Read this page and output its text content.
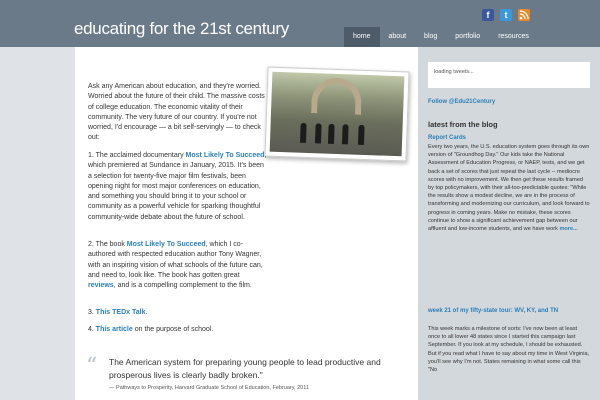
educating for the 21st century
f	t
home	about	blog	portfolio	resources
Ask any American about education, and they're worried. Worried about the future of their child. The massive costs of college education. The economic vitality of their community. The very future of our country. If you're not worried, I'd encourage — a bit self-servingly — to check out:
1. The acclaimed documentary Most Likely To Succeed, which premiered at Sundance in January, 2015. It's been a selection for twenty-five major film festivals, been opening night for most major conferences on education, and something you should bring it to your school or community as a powerful vehicle for sparking thoughtful community-wide debate about the future of school.
2. The book Most Likely To Succeed, which I co-authored with respected education author Tony Wagner, with an inspiring vision of what schools of the future can, and need to, look like. The book has gotten great reviews, and is a compelling complement to the film.
3. This TEDx Talk.
4. This article on the purpose of school.
“ The American system for preparing young people to lead productive and prosperous lives is clearly badly broken."
— Pathways to Prosperity, Harvard Graduate School of Education, February, 2011
loading tweets...
Follow @Edu21Century
latest from the blog
Report Cards
Every two years, the U.S. education system goes through its own version of "Groundhog Day." Our kids take the National Assessment of Education Progress, or NAEP, tests, and we get back a set of scores that just repeat the last cycle -- mediocre scores with no improvement. We then get these results framed by top policymakers, with their all-too-predictable quotes: "While the results show a modest decline, we are in the process of transforming and modernizing our curriculum, and look forward to progress in coming years. Make no mistake, these scores continue to show a significant achievement gap between our affluent and low-income students, and we have work more...
week 21 of my fifty-state tour: WV, KY, and TN
This week marks a milestone of sorts: I've now been at least once to all lower 48 states since I started this campaign last September. If you look at my schedule, I should be exhausted. But if you read what I have to say about my time in West Virginia, you'll see why I'm not. States remaining in what some call this "No
